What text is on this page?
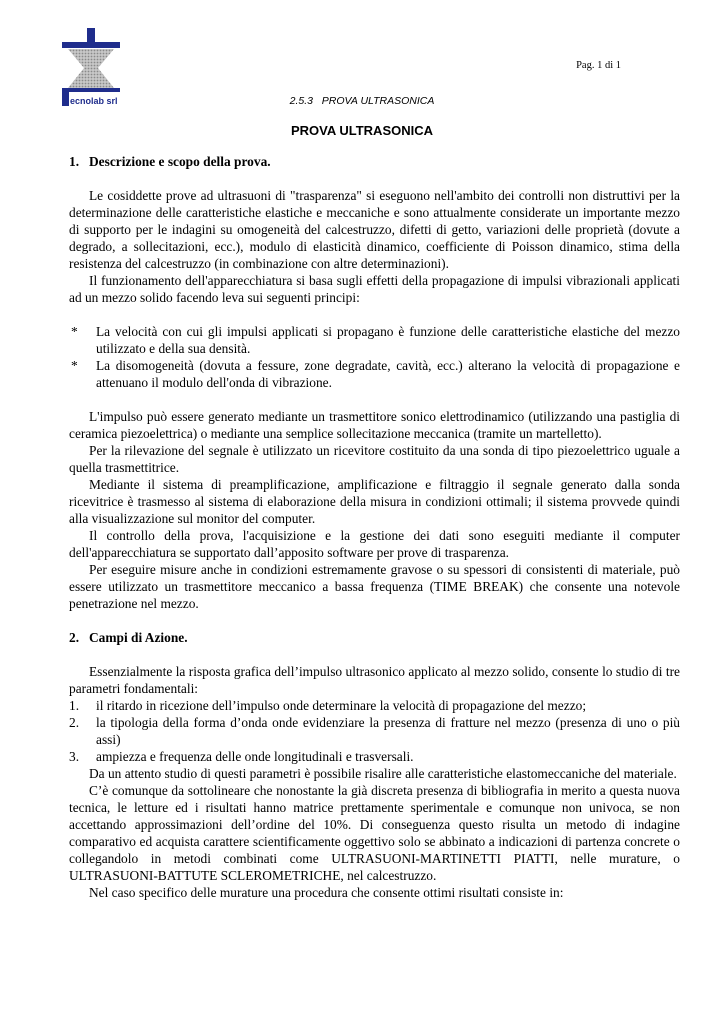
ecnolab srl
Pag. 1 di 1
2.5.3   PROVA ULTRASONICA
PROVA ULTRASONICA
1. Descrizione e scopo della prova.

Le cosiddette prove ad ultrasuoni di "trasparenza" si eseguono nell'ambito dei controlli non distruttivi per la determinazione delle caratteristiche elastiche e meccaniche e sono attualmente considerate un importante mezzo di supporto per le indagini su omogeneità del calcestruzzo, difetti di getto, variazioni delle proprietà (dovute a degrado, a sollecitazioni, ecc.), modulo di elasticità dinamico, coefficiente di Poisson dinamico, stima della resistenza del calcestruzzo (in combinazione con altre determinazioni).

Il funzionamento dell'apparecchiatura si basa sugli effetti della propagazione di impulsi vibrazionali applicati ad un mezzo solido facendo leva sui seguenti principi:

* La velocità con cui gli impulsi applicati si propagano è funzione delle caratteristiche elastiche del mezzo utilizzato e della sua densità.
* La disomogeneità (dovuta a fessure, zone degradate, cavità, ecc.) alterano la velocità di propagazione e attenuano il modulo dell'onda di vibrazione.

L'impulso può essere generato mediante un trasmettitore sonico elettrodinamico (utilizzando una pastiglia di ceramica piezoelettrica) o mediante una semplice sollecitazione meccanica (tramite un martelletto).

Per la rilevazione del segnale è utilizzato un ricevitore costituito da una sonda di tipo piezoelettrico uguale a quella trasmettitrice.

Mediante il sistema di preamplificazione, amplificazione e filtraggio il segnale generato dalla sonda ricevitrice è trasmesso al sistema di elaborazione della misura in condizioni ottimali; il sistema provvede quindi alla visualizzazione sul monitor del computer.

Il controllo della prova, l'acquisizione e la gestione dei dati sono eseguiti mediante il computer dell'apparecchiatura se supportato dall’apposito software per prove di trasparenza.

Per eseguire misure anche in condizioni estremamente gravose o su spessori di consistenti di materiale, può essere utilizzato un trasmettitore meccanico a bassa frequenza (TIME BREAK) che consente una notevole penetrazione nel mezzo.

2. Campi di Azione.

Essenzialmente la risposta grafica dell’impulso ultrasonico applicato al mezzo solido, consente lo studio di tre parametri fondamentali:

1. il ritardo in ricezione dell’impulso onde determinare la velocità di propagazione del mezzo;
2. la tipologia della forma d’onda onde evidenziare la presenza di fratture nel mezzo (presenza di uno o più assi)
3. ampiezza e frequenza delle onde longitudinali e trasversali.

Da un attento studio di questi parametri è possibile risalire alle caratteristiche elastomeccaniche del materiale.

C’è comunque da sottolineare che nonostante la già discreta presenza di bibliografia in merito a questa nuova tecnica, le letture ed i risultati hanno matrice prettamente sperimentale e comunque non univoca, se non accettando approssimazioni dell’ordine del 10%. Di conseguenza questo risulta un metodo di indagine comparativo ed acquista carattere scientificamente oggettivo solo se abbinato a indicazioni di partenza concrete o collegandolo in metodi combinati come ULTRASUONI-MARTINETTI PIATTI, nelle murature, o ULTRASUONI-BATTUTE SCLEROMETRICHE, nel calcestruzzo.

Nel caso specifico delle murature una procedura che consente ottimi risultati consiste in:
